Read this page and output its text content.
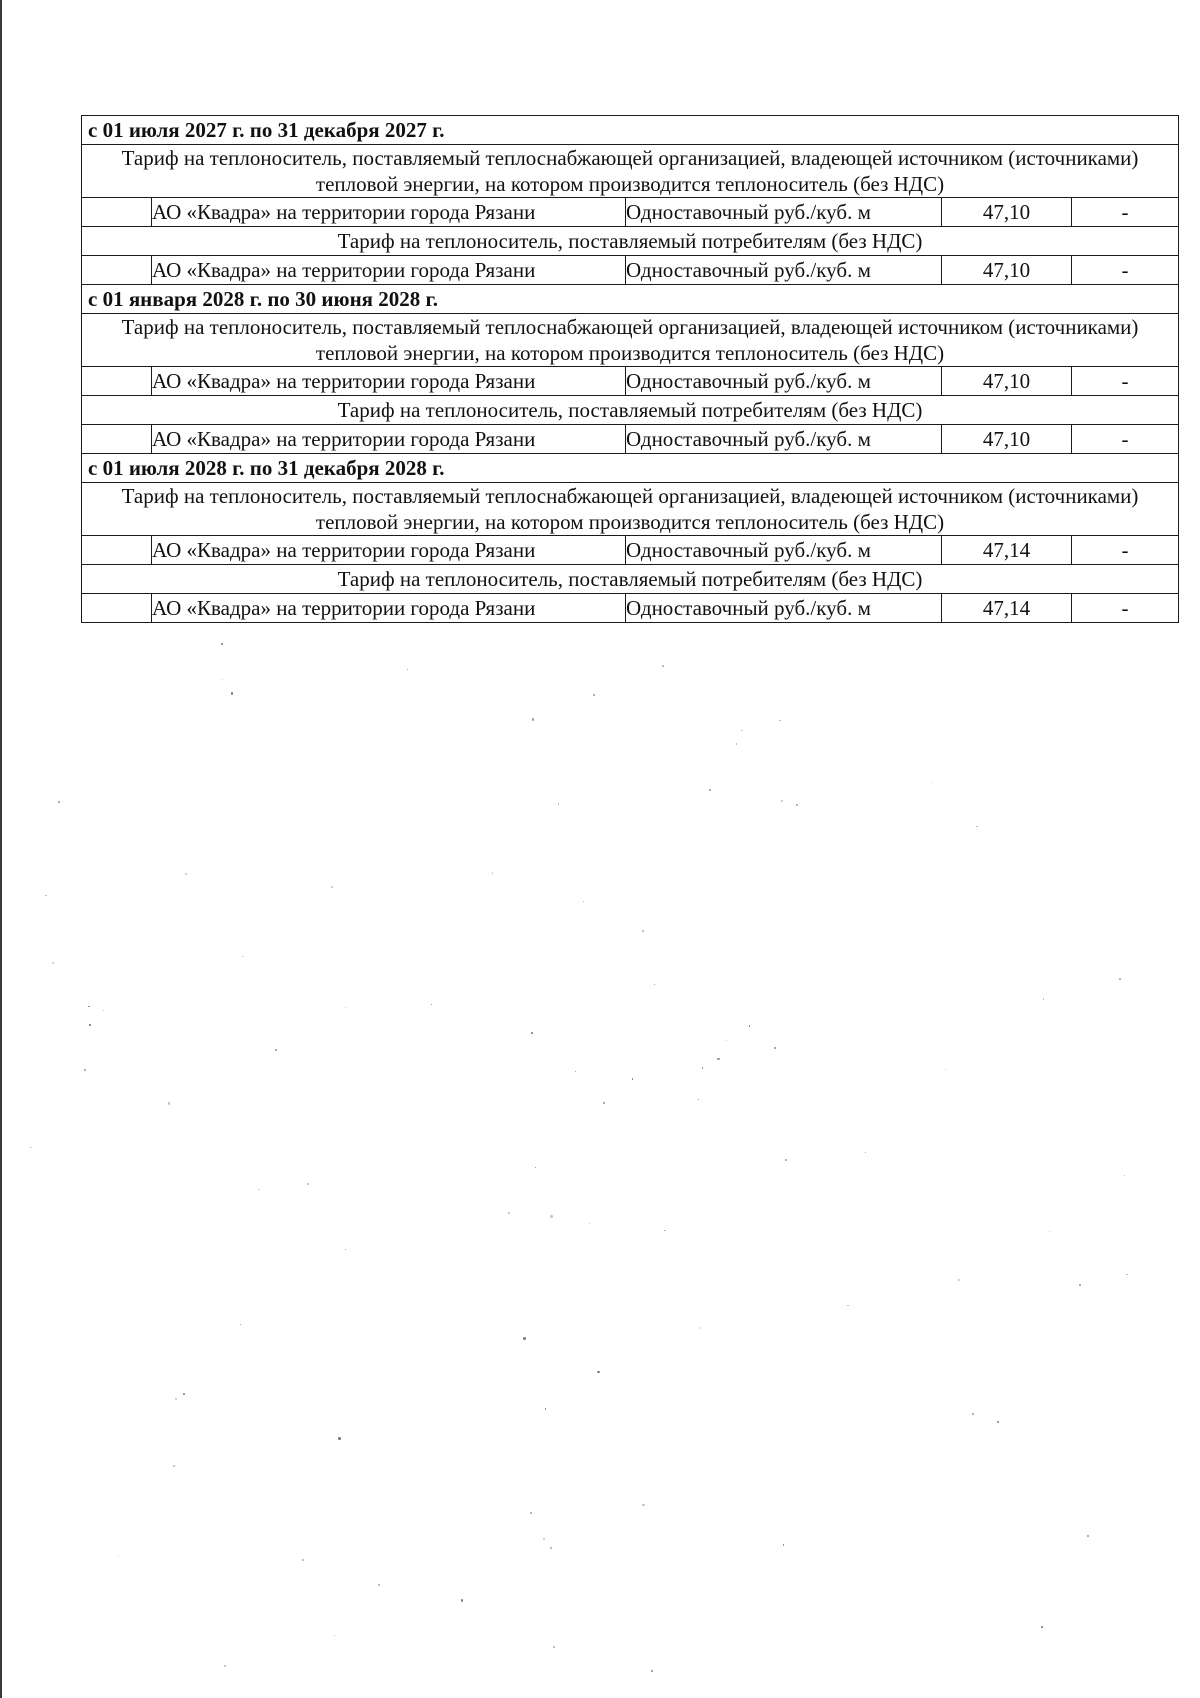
с 01 июля 2027 г. по 31 декабря 2027 г.				
Тариф на теплоноситель, поставляемый теплоснабжающей организацией, владеющей источником (источниками) тепловой энергии, на котором производится теплоноситель (без НДС)				
	АО «Квадра» на территории города Рязани	Одноставочный руб./куб. м	47,10	-
Тариф на теплоноситель, поставляемый потребителям (без НДС)				
	АО «Квадра» на территории города Рязани	Одноставочный руб./куб. м	47,10	-
с 01 января 2028 г. по 30 июня 2028 г.				
Тариф на теплоноситель, поставляемый теплоснабжающей организацией, владеющей источником (источниками) тепловой энергии, на котором производится теплоноситель (без НДС)				
	АО «Квадра» на территории города Рязани	Одноставочный руб./куб. м	47,10	-
Тариф на теплоноситель, поставляемый потребителям (без НДС)				
	АО «Квадра» на территории города Рязани	Одноставочный руб./куб. м	47,10	-
с 01 июля 2028 г. по 31 декабря 2028 г.				
Тариф на теплоноситель, поставляемый теплоснабжающей организацией, владеющей источником (источниками) тепловой энергии, на котором производится теплоноситель (без НДС)				
	АО «Квадра» на территории города Рязани	Одноставочный руб./куб. м	47,14	-
Тариф на теплоноситель, поставляемый потребителям (без НДС)				
	АО «Квадра» на территории города Рязани	Одноставочный руб./куб. м	47,14	-
